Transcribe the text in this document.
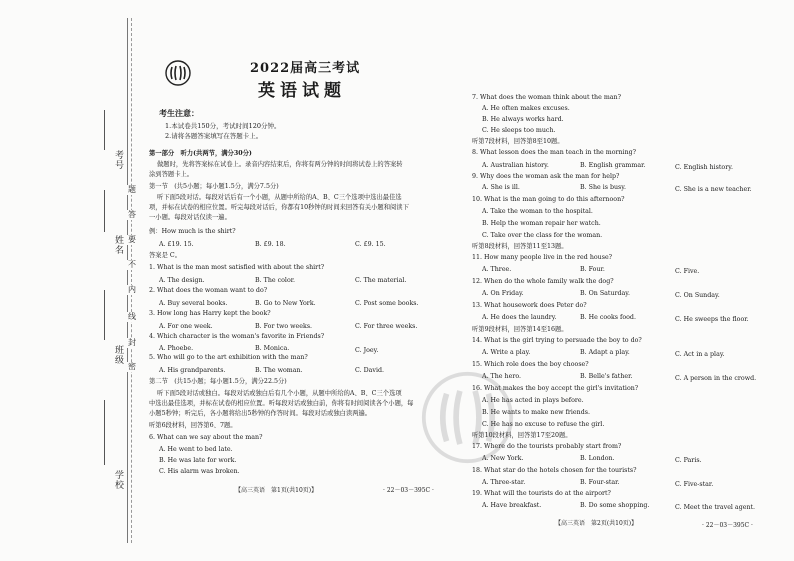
考号
姓名
班级
学校
题
答
要
不
内
线
封
密
2022届高三考试
英语试题
考生注意：
1.本试卷共150分，考试时间120分钟。
2.请将各题答案填写在答题卡上。
第一部分　听力(共两节，满分30分)
做题时，先将答案标在试卷上。录音内容结束后，你将有两分钟的时间将试卷上的答案转
涂到答题卡上。
第一节　(共5小题；每小题1.5分，满分7.5分)
听下面5段对话。每段对话后有一个小题，从题中所给的A、B、C三个选项中选出最佳选
项，并标在试卷的相应位置。听完每段对话后，你都有10秒钟的时间来回答有关小题和阅读下
一小题。每段对话仅读一遍。
例：How much is the shirt?
A. £19. 15.	B. £9. 18.	C. £9. 15.
答案是 C。
1. What is the man most satisfied with about the shirt?
A. The design.	B. The color.	C. The material.
2. What does the woman want to do?
A. Buy several books.	B. Go to New York.	C. Post some books.
3. How long has Harry kept the book?
A. For one week.	B. For two weeks.	C. For three weeks.
4. Which character is the woman's favorite in Friends?
A. Phoebe.	B. Monica.	C. Joey.
5. Who will go to the art exhibition with the man?
A. His grandparents.	B. The woman.	C. David.
第二节　(共15小题；每小题1.5分，满分22.5分)
听下面5段对话或独白。每段对话或独白后有几个小题，从题中所给的A、B、C三个选项
中选出最佳选项，并标在试卷的相应位置。听每段对话或独白前，你将有时间阅读各个小题，每
小题5秒钟；听完后，各小题将给出5秒钟的作答时间。每段对话或独白读两遍。
听第6段材料，回答第6、7题。
6. What can we say about the man?
A. He went to bed late.
B. He was late for work.
C. His alarm was broken.
【高三英语　第1页(共10页)】	· 22－03－395C ·
7. What does the woman think about the man?
A. He often makes excuses.
B. He always works hard.
C. He sleeps too much.
听第7段材料，回答第8至10题。
8. What lesson does the man teach in the morning?
A. Australian history.	B. English grammar.	C. English history.
9. Why does the woman ask the man for help?
A. She is ill.	B. She is busy.	C. She is a new teacher.
10. What is the man going to do this afternoon?
A. Take the woman to the hospital.
B. Help the woman repair her watch.
C. Take over the class for the woman.
听第8段材料，回答第11至13题。
11. How many people live in the red house?
A. Three.	B. Four.	C. Five.
12. When do the whole family walk the dog?
A. On Friday.	B. On Saturday.	C. On Sunday.
13. What housework does Peter do?
A. He does the laundry.	B. He cooks food.	C. He sweeps the floor.
听第9段材料，回答第14至16题。
14. What is the girl trying to persuade the boy to do?
A. Write a play.	B. Adapt a play.	C. Act in a play.
15. Which role does the boy choose?
A. The hero.	B. Belle's father.	C. A person in the crowd.
16. What makes the boy accept the girl's invitation?
A. He has acted in plays before.
B. He wants to make new friends.
C. He has no excuse to refuse the girl.
听第10段材料，回答第17至20题。
17. Where do the tourists probably start from?
A. New York.	B. London.	C. Paris.
18. What star do the hotels chosen for the tourists?
A. Three-star.	B. Four-star.	C. Five-star.
19. What will the tourists do at the airport?
A. Have breakfast.	B. Do some shopping.	C. Meet the travel agent.
【高三英语　第2页(共10页)】	· 22－03－395C ·
